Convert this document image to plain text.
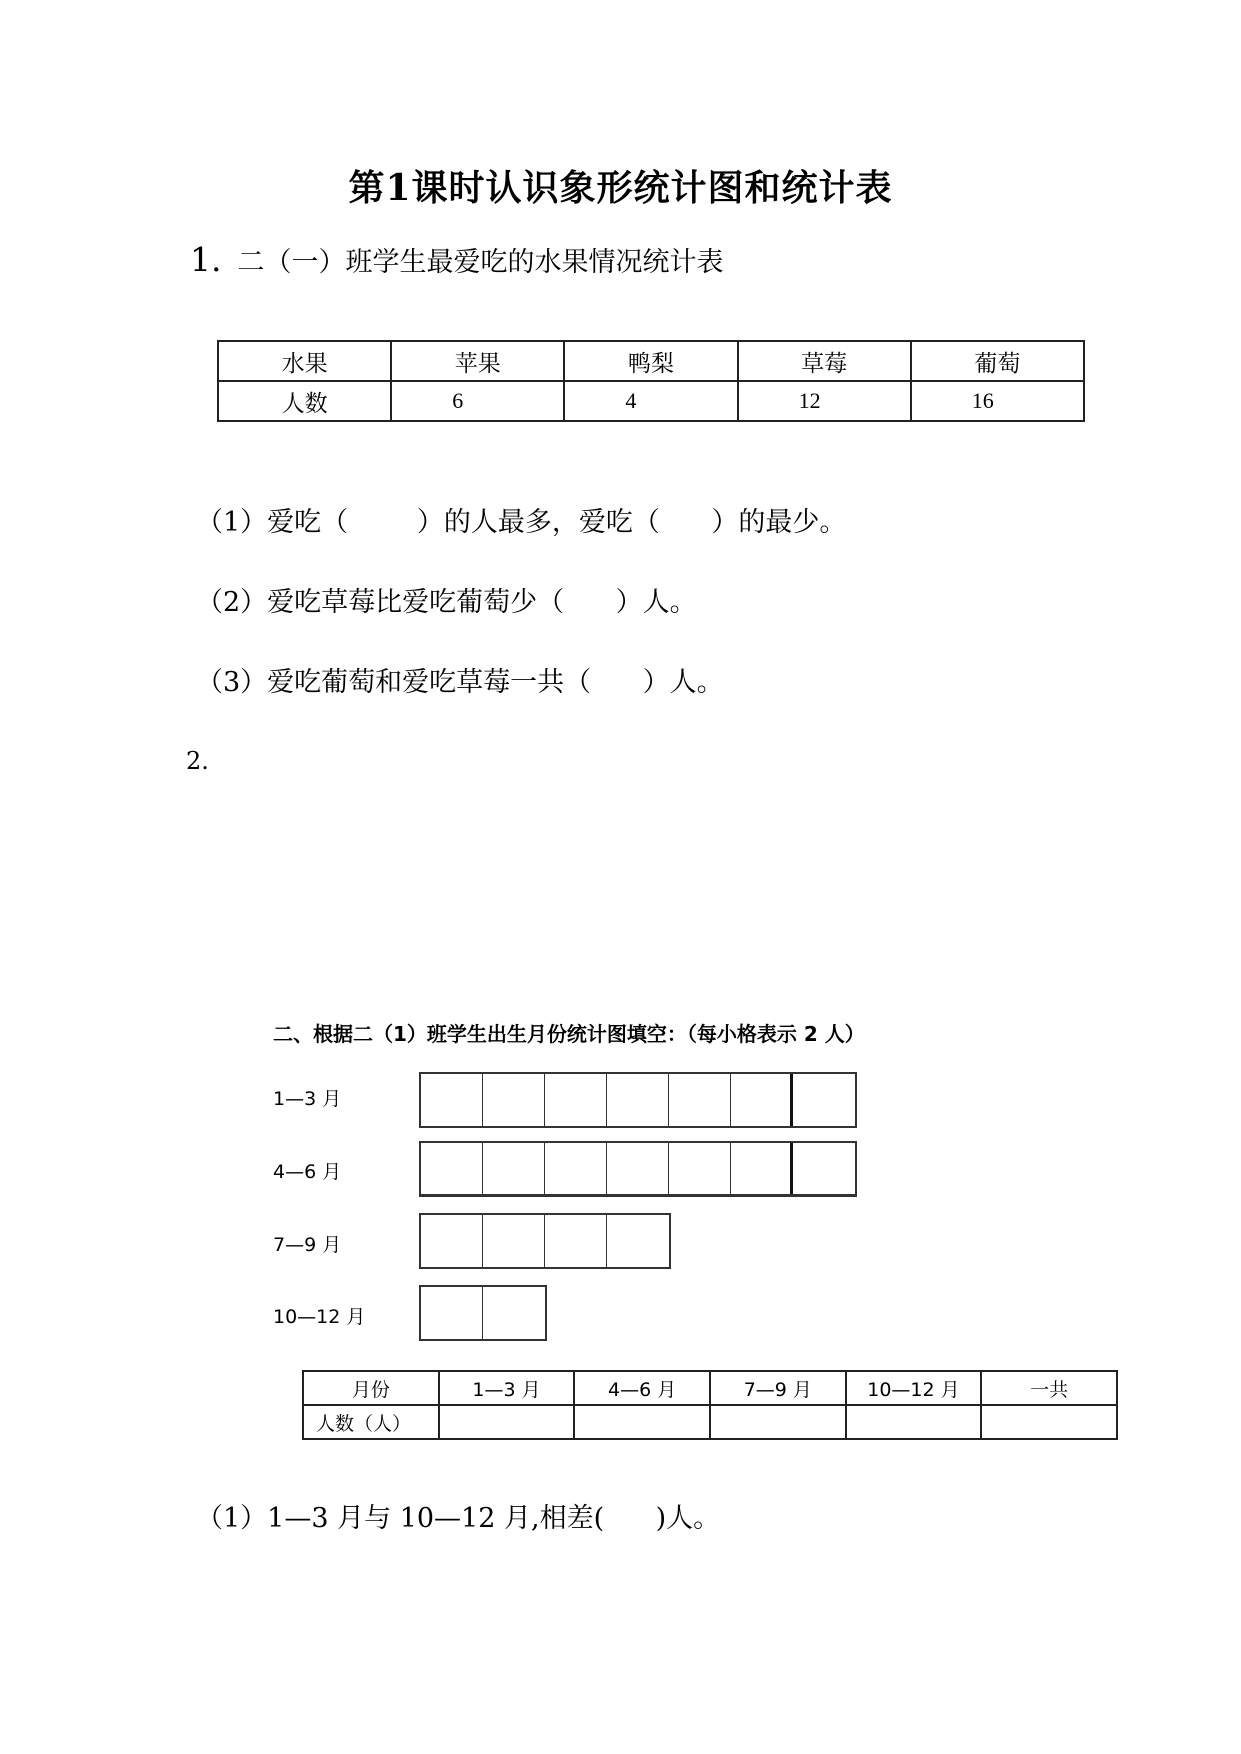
第1课时认识象形统计图和统计表
1. 二（一）班学生最爱吃的水果情况统计表
水果	苹果	鸭梨	草莓	葡萄
人数	6	4	12	16
（1）爱吃（        ）的人最多，爱吃（      ）的最少。
（2）爱吃草莓比爱吃葡萄少（      ）人。
（3）爱吃葡萄和爱吃草莓一共（      ）人。
2.
二、根据二（1）班学生出生月份统计图填空：（每小格表示 2 人）
1—3 月
4—6 月
7—9 月
10—12 月
月份	1—3 月	4—6 月	7—9 月	10—12 月	一共
人数（人）					
（1）1—3 月与 10—12 月,相差(      )人。
